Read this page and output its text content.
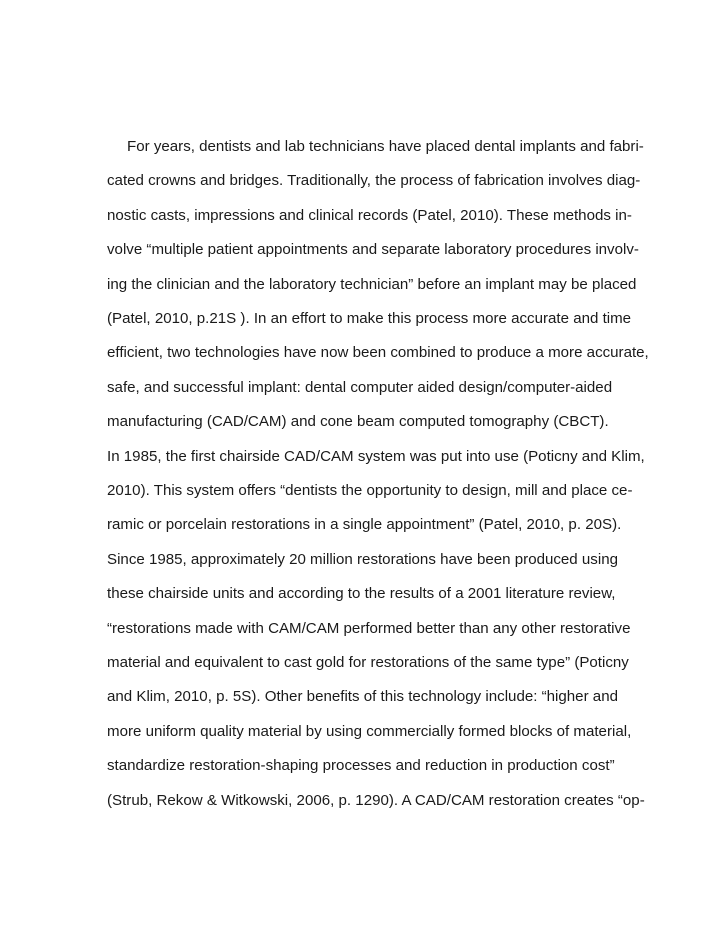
For years, dentists and lab technicians have placed dental implants and fabri-
cated crowns and bridges. Traditionally, the process of fabrication involves diag-
nostic casts, impressions and clinical records (Patel, 2010). These methods in-
volve “multiple patient appointments and separate laboratory procedures involv-
ing the clinician and the laboratory technician” before an implant may be placed
(Patel, 2010, p.21S ). In an effort to make this process more accurate and time
efficient, two technologies have now been combined to produce a more accurate,
safe, and successful implant: dental computer aided design/computer-aided
manufacturing (CAD/CAM) and cone beam computed tomography (CBCT).
In 1985, the first chairside CAD/CAM system was put into use (Poticny and Klim,
2010). This system offers “dentists the opportunity to design, mill and place ce-
ramic or porcelain restorations in a single appointment” (Patel, 2010, p. 20S).
Since 1985, approximately 20 million restorations have been produced using
these chairside units and according to the results of a 2001 literature review,
“restorations made with CAM/CAM performed better than any other restorative
material and equivalent to cast gold for restorations of the same type” (Poticny
and Klim, 2010, p. 5S). Other benefits of this technology include: “higher and
more uniform quality material by using commercially formed blocks of material,
standardize restoration-shaping processes and reduction in production cost”
(Strub, Rekow & Witkowski, 2006, p. 1290). A CAD/CAM restoration creates “op-
